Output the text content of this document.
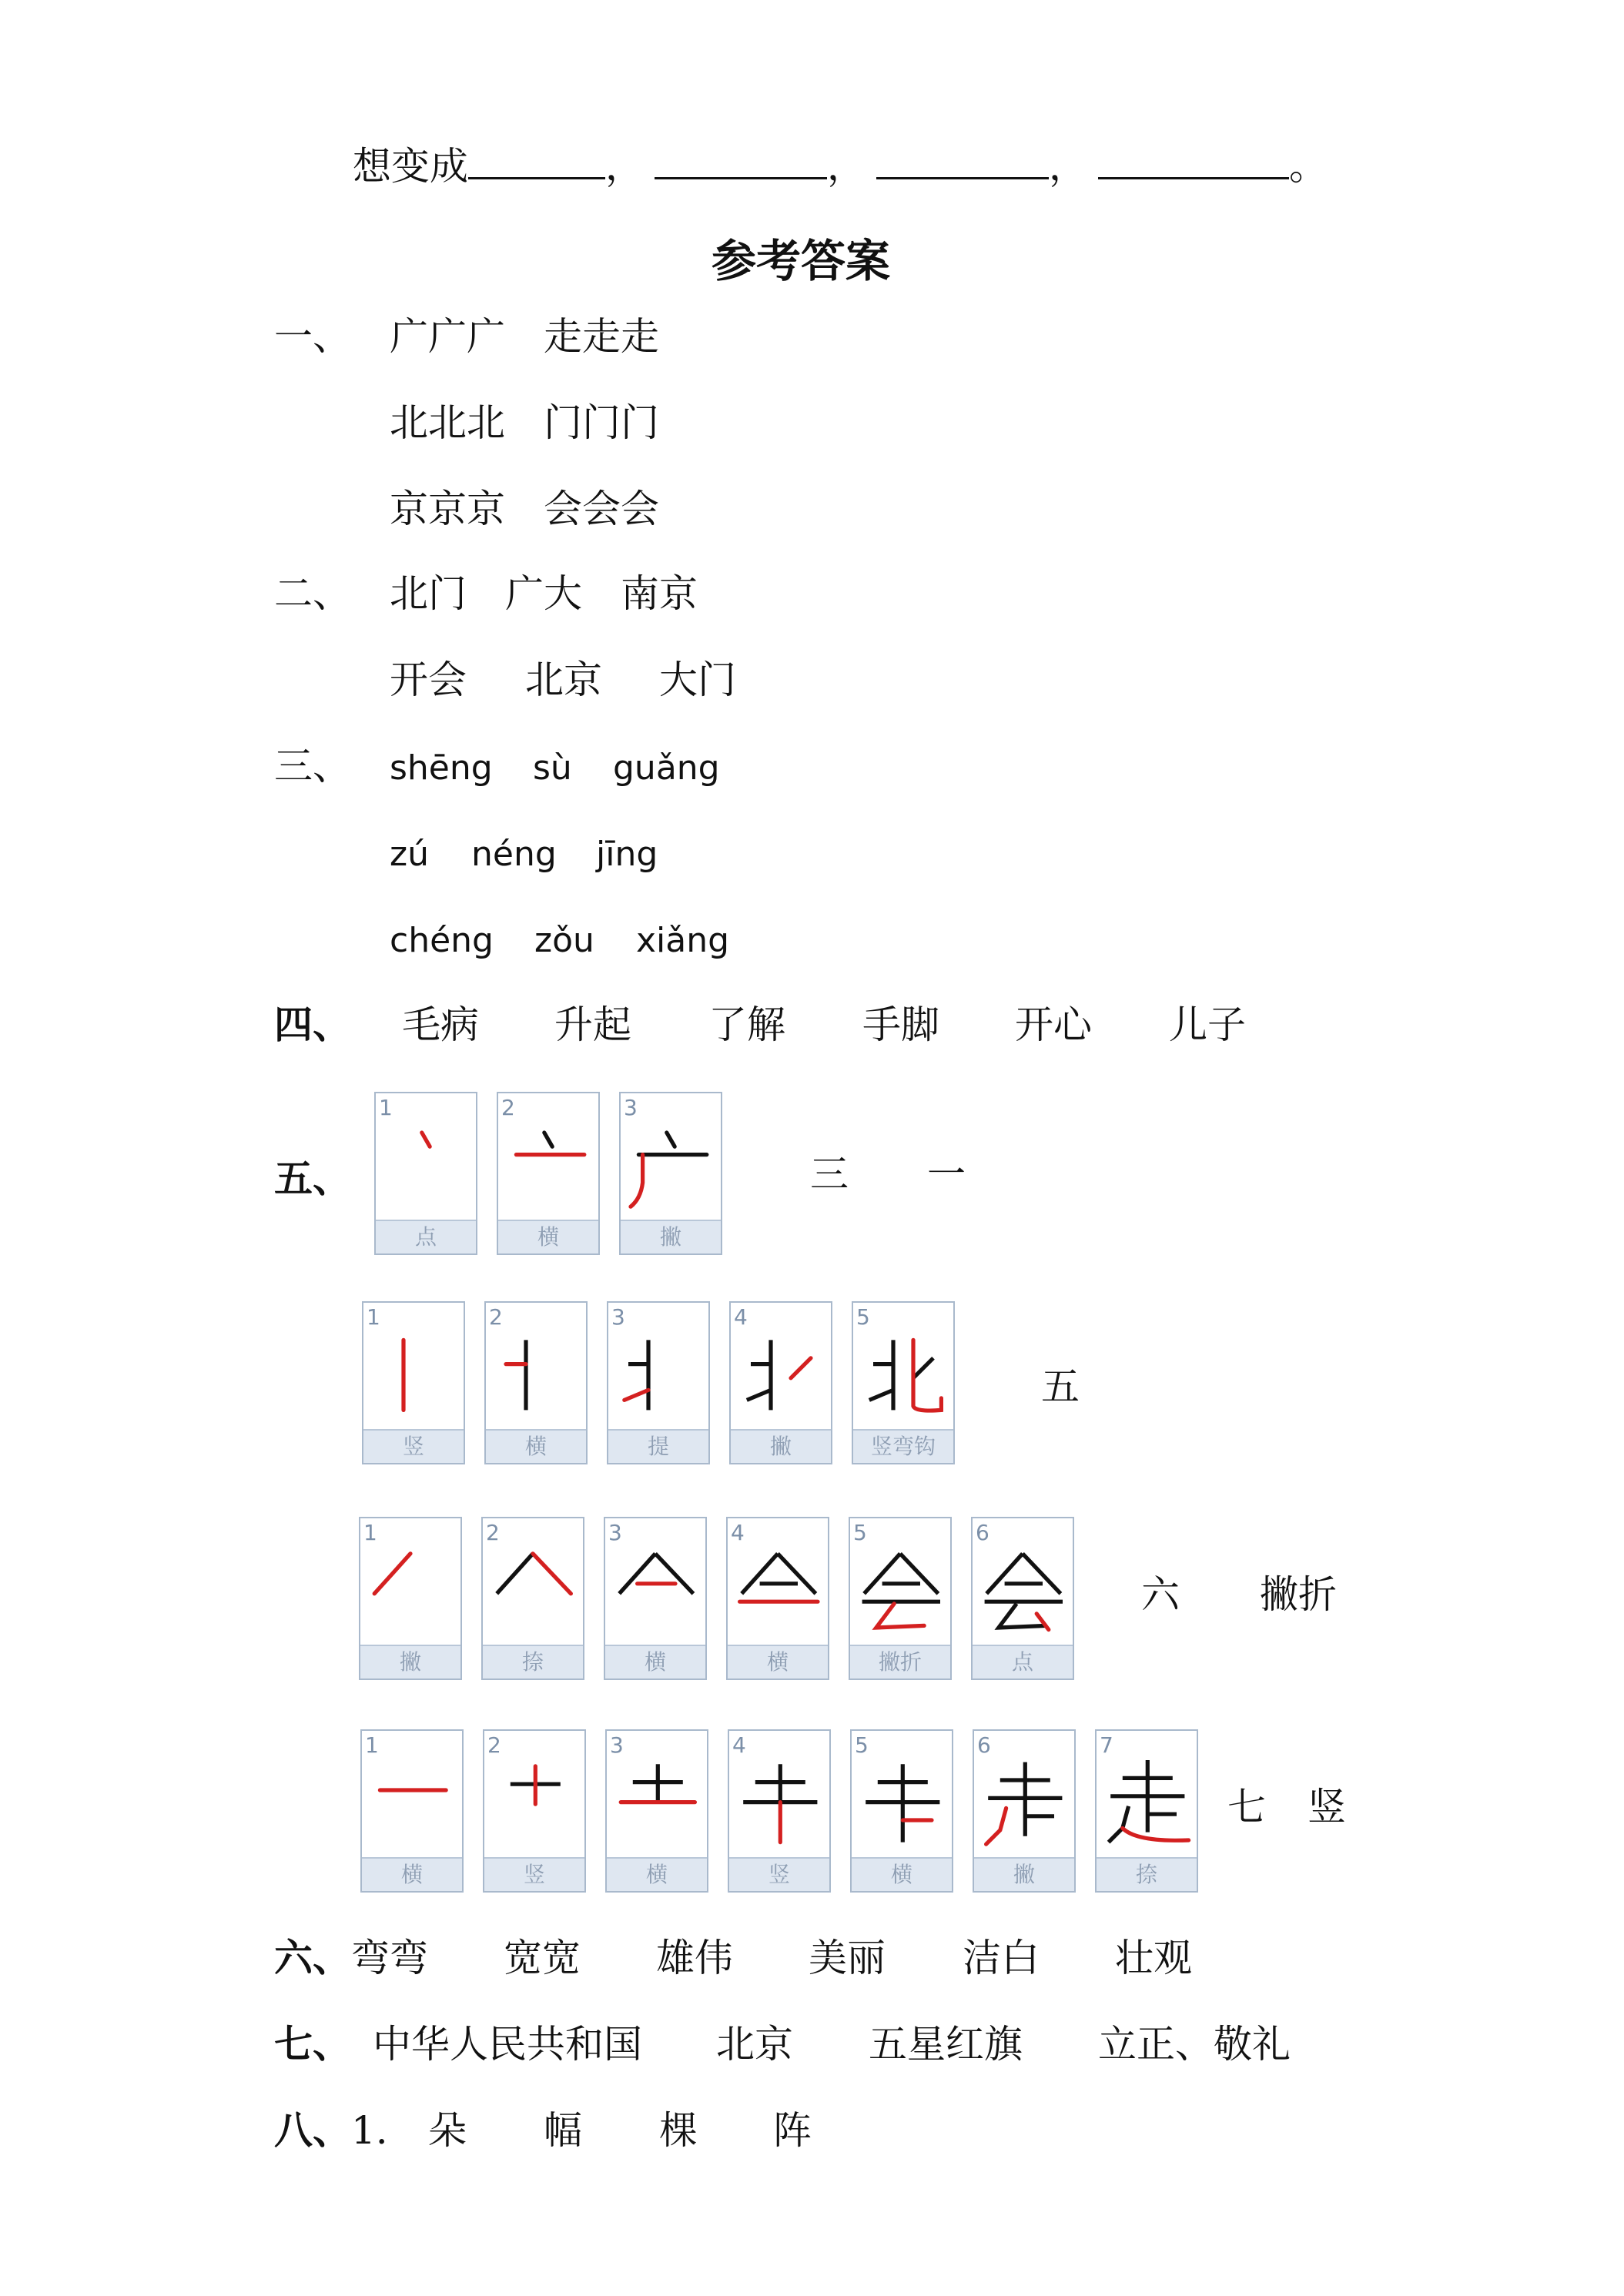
想变成	，	，	，	。
参考答案
一、 广广广 走走走
北北北 门门门
京京京 会会会
二、 北门 广大 南京
开会 北京 大门
三、 shēng sù guǎng
zú néng jīng
chéng zǒu xiǎng
四、 毛病 升起 了解 手脚 开心 儿子
五、
1
点
2
横
3
撇
三 一
1
竖
2
横
3
提
4
撇
5
竖弯钩
五
1
撇
2
捺
3
横
4
横
5
撇折
6
点
六 撇折
1
横
2
竖
3
横
4
竖
5
横
6
撇
7
捺
七 竖
六、 弯弯 宽宽 雄伟 美丽 洁白 壮观
七、 中华人民共和国 北京 五星红旗 立正、敬礼
八、 1. 朵 幅 棵 阵
